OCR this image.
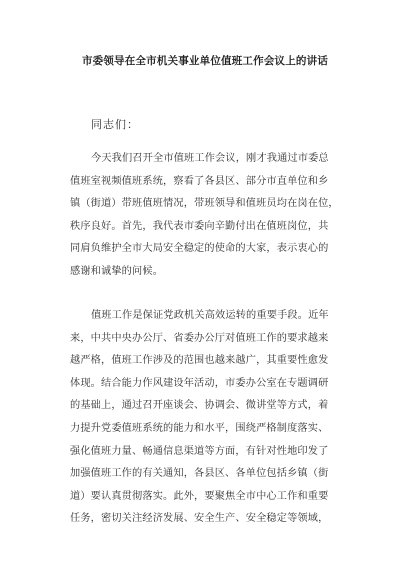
市委领导在全市机关事业单位值班工作会议上的讲话
同志们：
今天我们召开全市值班工作会议，刚才我通过市委总
值班室视频值班系统，察看了各县区、部分市直单位和乡
镇（街道）带班值班情况，带班领导和值班员均在岗在位，
秩序良好。首先，我代表市委向辛勤付出在值班岗位，共
同肩负维护全市大局安全稳定的使命的大家，表示衷心的
感谢和诚挚的问候。
值班工作是保证党政机关高效运转的重要手段。近年
来，中共中央办公厅、省委办公厅对值班工作的要求越来
越严格，值班工作涉及的范围也越来越广，其重要性愈发
体现。结合能力作风建设年活动，市委办公室在专题调研
的基础上，通过召开座谈会、协调会、微讲堂等方式，着
力提升党委值班系统的能力和水平，围绕严格制度落实、
强化值班力量、畅通信息渠道等方面，有针对性地印发了
加强值班工作的有关通知，各县区、各单位包括乡镇（街
道）要认真贯彻落实。此外，要聚焦全市中心工作和重要
任务，密切关注经济发展、安全生产、安全稳定等领域，
